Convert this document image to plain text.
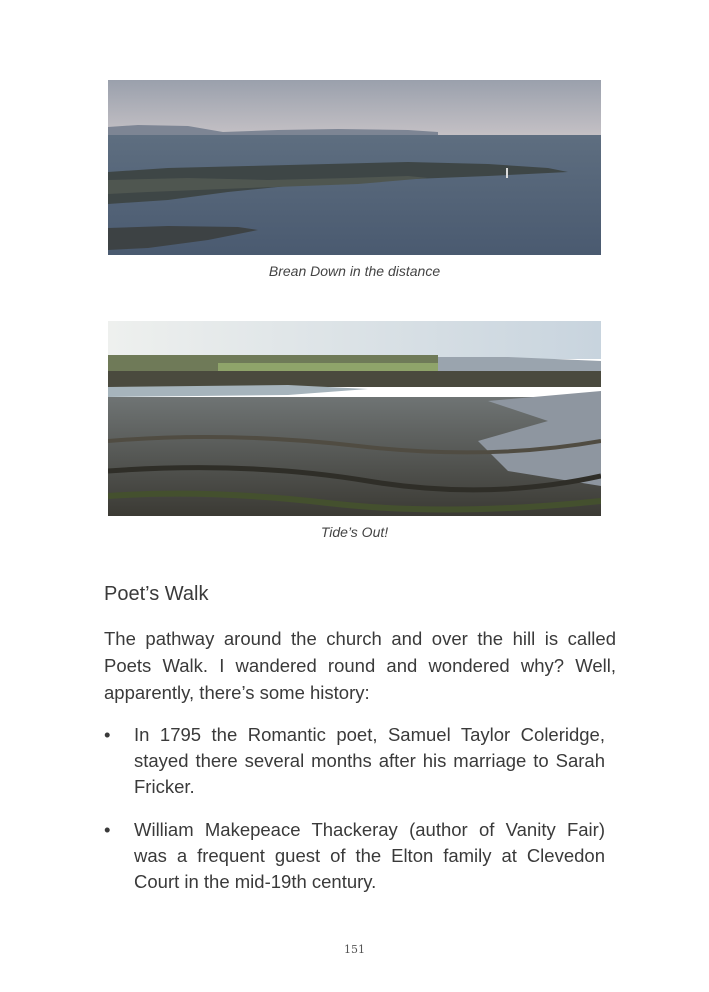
Brean Down in the distance
Tide’s Out!
Poet’s Walk
The pathway around the church and over the hill is called Poets Walk. I wandered round and wondered why? Well, apparently, there’s some history:
• In 1795 the Romantic poet, Samuel Taylor Coleridge, stayed there several months after his marriage to Sarah Fricker.
• William Makepeace Thackeray (author of Vanity Fair) was a frequent guest of the Elton family at Clevedon Court in the mid-19th century.
151
